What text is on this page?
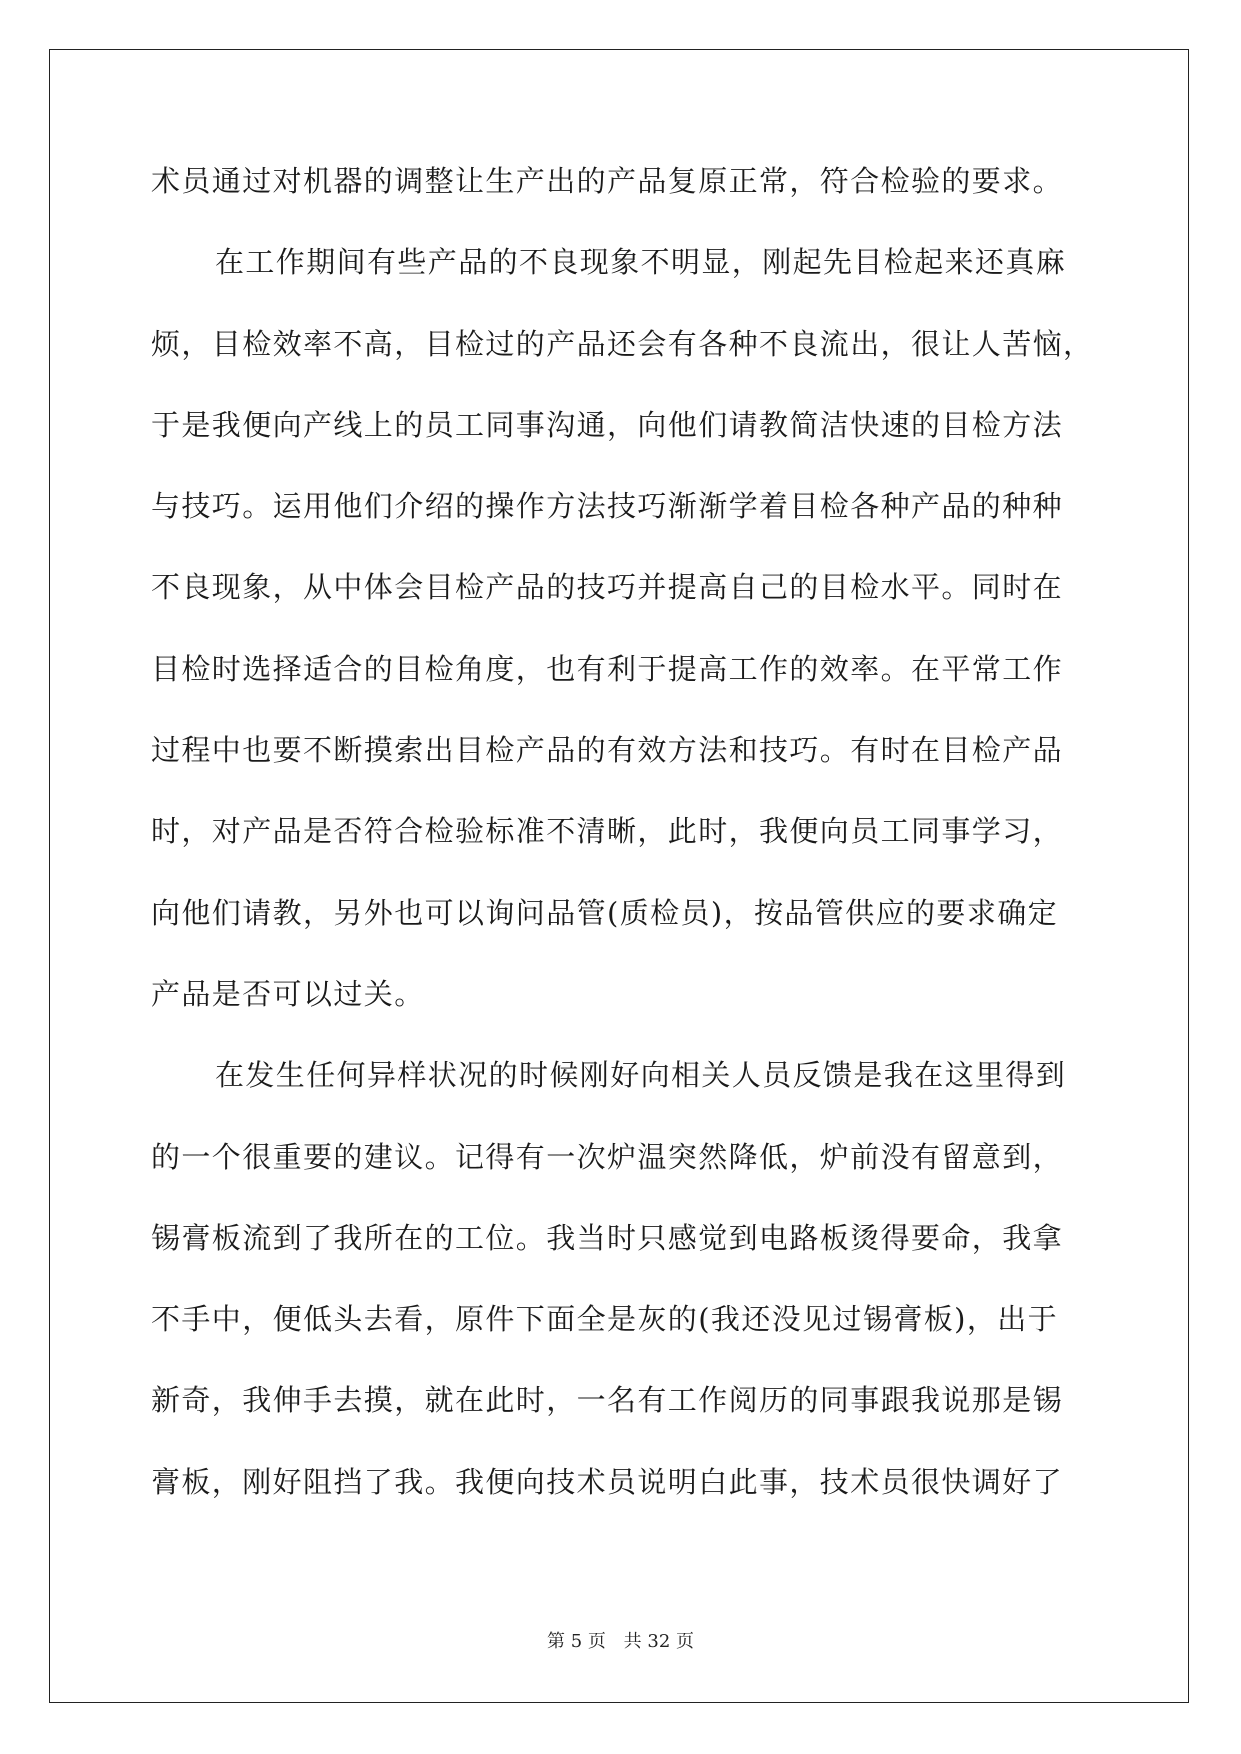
术员通过对机器的调整让生产出的产品复原正常，符合检验的要求。
在工作期间有些产品的不良现象不明显，刚起先目检起来还真麻
烦，目检效率不高，目检过的产品还会有各种不良流出，很让人苦恼，
于是我便向产线上的员工同事沟通，向他们请教简洁快速的目检方法
与技巧。运用他们介绍的操作方法技巧渐渐学着目检各种产品的种种
不良现象，从中体会目检产品的技巧并提高自己的目检水平。同时在
目检时选择适合的目检角度，也有利于提高工作的效率。在平常工作
过程中也要不断摸索出目检产品的有效方法和技巧。有时在目检产品
时，对产品是否符合检验标准不清晰，此时，我便向员工同事学习，
向他们请教，另外也可以询问品管(质检员)，按品管供应的要求确定
产品是否可以过关。
在发生任何异样状况的时候刚好向相关人员反馈是我在这里得到
的一个很重要的建议。记得有一次炉温突然降低，炉前没有留意到，
锡膏板流到了我所在的工位。我当时只感觉到电路板烫得要命，我拿
不手中，便低头去看，原件下面全是灰的(我还没见过锡膏板)，出于
新奇，我伸手去摸，就在此时，一名有工作阅历的同事跟我说那是锡
膏板，刚好阻挡了我。我便向技术员说明白此事，技术员很快调好了
第 5 页 共 32 页
